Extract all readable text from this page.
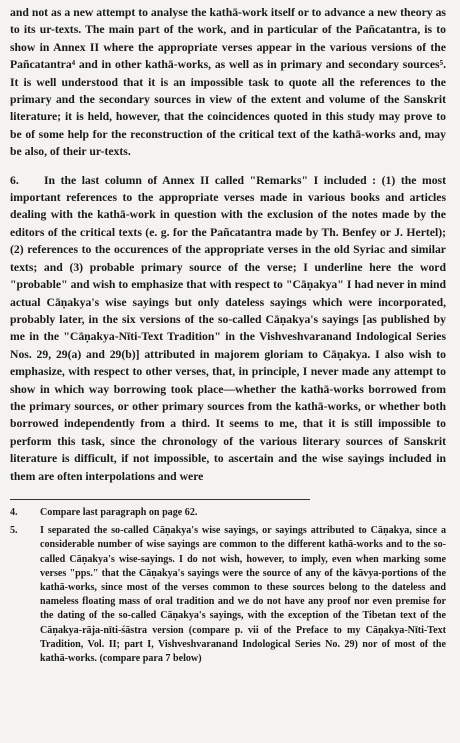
and not as a new attempt to analyse the kathā-work itself or to advance a new theory as to its ur-texts. The main part of the work, and in particular of the Pañcatantra, is to show in Annex II where the appropriate verses appear in the various versions of the Pañcatantra⁴ and in other kathā-works, as well as in primary and secondary sources⁵. It is well understood that it is an impossible task to quote all the references to the primary and the secondary sources in view of the extent and volume of the Sanskrit literature; it is held, however, that the coincidences quoted in this study may prove to be of some help for the reconstruction of the critical text of the kathā-works and, may be also, of their ur-texts.

6. In the last column of Annex II called "Remarks" I included : (1) the most important references to the appropriate verses made in various books and articles dealing with the kathā-work in question with the exclusion of the notes made by the editors of the critical texts (e. g. for the Pañcatantra made by Th. Benfey or J. Hertel); (2) references to the occurences of the appropriate verses in the old Syriac and similar texts; and (3) probable primary source of the verse; I underline here the word "probable" and wish to emphasize that with respect to "Cāṇakya" I had never in mind actual Cāṇakya's wise sayings but only dateless sayings which were incorporated, probably later, in the six versions of the so-called Cāṇakya's sayings [as published by me in the "Cāṇakya-Nīti-Text Tradition" in the Vishveshvaranand Indological Series Nos. 29, 29(a) and 29(b)] attributed in majorem gloriam to Cāṇakya. I also wish to emphasize, with respect to other verses, that, in principle, I never made any attempt to show in which way borrowing took place—whether the kathā-works borrowed from the primary sources, or other primary sources from the kathā-works, or whether both borrowed independently from a third. It seems to me, that it is still impossible to perform this task, since the chronology of the various literary sources of Sanskrit literature is difficult, if not impossible, to ascertain and the wise sayings included in them are often interpolations and were

4.	Compare last paragraph on page 62.
5.	I separated the so-called Cāṇakya's wise sayings, or sayings attributed to Cāṇakya, since a considerable number of wise sayings are common to the different kathā-works and to the so-called Cāṇakya's wise-sayings. I do not wish, however, to imply, even when marking some verses "pps." that the Cāṇakya's sayings were the source of any of the kāvya-portions of the kathā-works, since most of the verses common to these sources belong to the dateless and nameless floating mass of oral tradition and we do not have any proof nor even premise for the dating of the so-called Cāṇakya's sayings, with the exception of the Tibetan text of the Cāṇakya-rāja-nīti-śāstra version (compare p. vii of the Preface to my Cāṇakya-Nīti-Text Tradition, Vol. II; part I, Vishveshvaranand Indological Series No. 29) nor of most of the kathā-works. (compare para 7 below)
